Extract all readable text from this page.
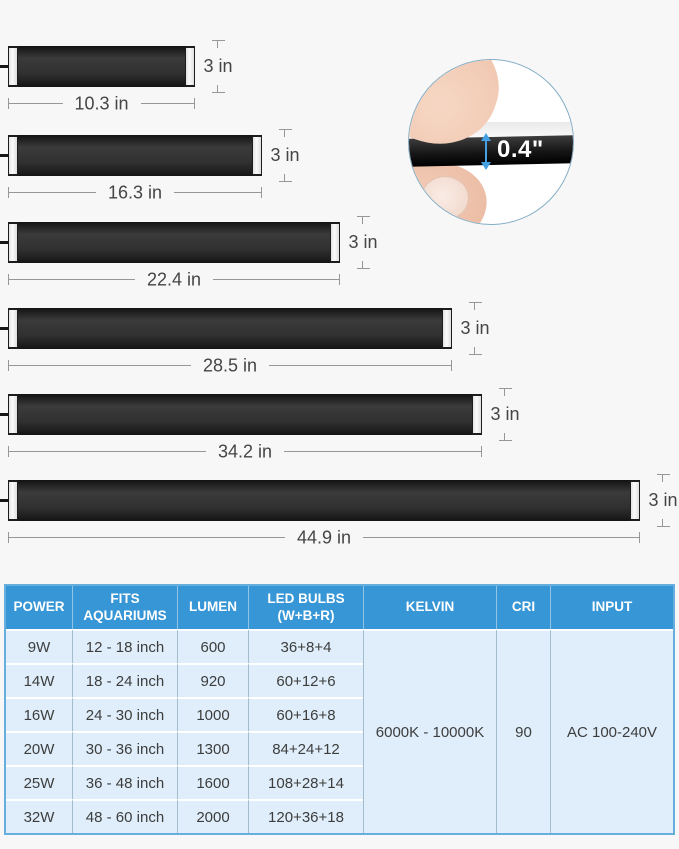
3 in
10.3 in
3 in
16.3 in
3 in
22.4 in
3 in
28.5 in
3 in
34.2 in
3 in
44.9 in
0.4"
POWER	FITS AQUARIUMS	LUMEN	LED BULBS (W+B+R)	KELVIN	CRI	INPUT
9W	12 - 18 inch	600	36+8+4	6000K - 10000K	90	AC 100-240V
14W	18 - 24 inch	920	60+12+6			
16W	24 - 30 inch	1000	60+16+8			
20W	30 - 36 inch	1300	84+24+12			
25W	36 - 48 inch	1600	108+28+14			
32W	48 - 60 inch	2000	120+36+18			
